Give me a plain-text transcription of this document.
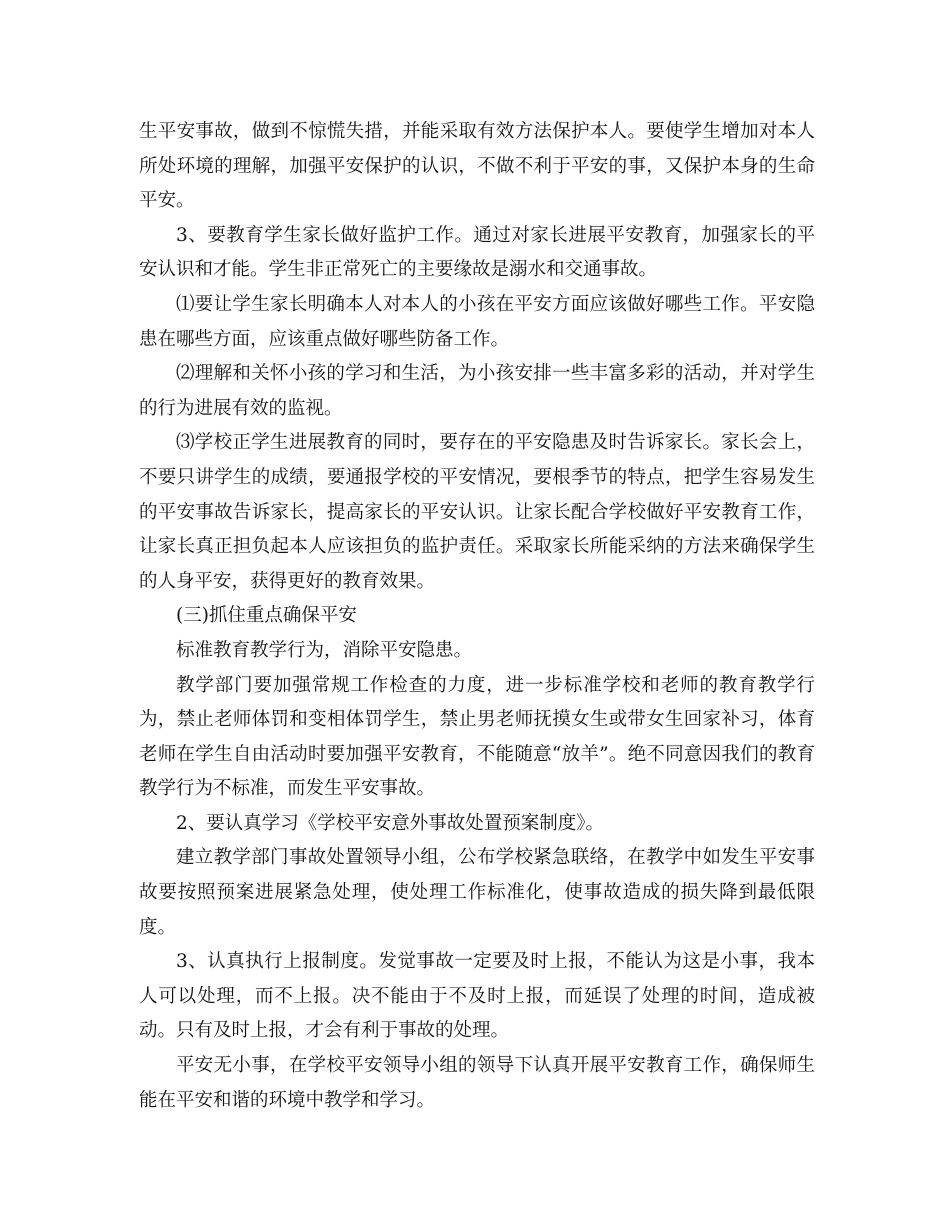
生平安事故，做到不惊慌失措，并能采取有效方法保护本人。要使学生增加对本人所处环境的理解，加强平安保护的认识，不做不利于平安的事，又保护本身的生命平安。

3、要教育学生家长做好监护工作。通过对家长进展平安教育，加强家长的平安认识和才能。学生非正常死亡的主要缘故是溺水和交通事故。

⑴要让学生家长明确本人对本人的小孩在平安方面应该做好哪些工作。平安隐患在哪些方面，应该重点做好哪些防备工作。

⑵理解和关怀小孩的学习和生活，为小孩安排一些丰富多彩的活动，并对学生的行为进展有效的监视。

⑶学校正学生进展教育的同时，要存在的平安隐患及时告诉家长。家长会上，不要只讲学生的成绩，要通报学校的平安情况，要根季节的特点，把学生容易发生的平安事故告诉家长，提高家长的平安认识。让家长配合学校做好平安教育工作，让家长真正担负起本人应该担负的监护责任。采取家长所能采纳的方法来确保学生的人身平安，获得更好的教育效果。

(三)抓住重点确保平安

标准教育教学行为，消除平安隐患。

教学部门要加强常规工作检查的力度，进一步标准学校和老师的教育教学行为，禁止老师体罚和变相体罚学生，禁止男老师抚摸女生或带女生回家补习，体育老师在学生自由活动时要加强平安教育，不能随意“放羊”。绝不同意因我们的教育教学行为不标准，而发生平安事故。

2、要认真学习《学校平安意外事故处置预案制度》。

建立教学部门事故处置领导小组，公布学校紧急联络，在教学中如发生平安事故要按照预案进展紧急处理，使处理工作标准化，使事故造成的损失降到最低限度。

3、认真执行上报制度。发觉事故一定要及时上报，不能认为这是小事，我本人可以处理，而不上报。决不能由于不及时上报，而延误了处理的时间，造成被动。只有及时上报，才会有利于事故的处理。

平安无小事，在学校平安领导小组的领导下认真开展平安教育工作，确保师生能在平安和谐的环境中教学和学习。
